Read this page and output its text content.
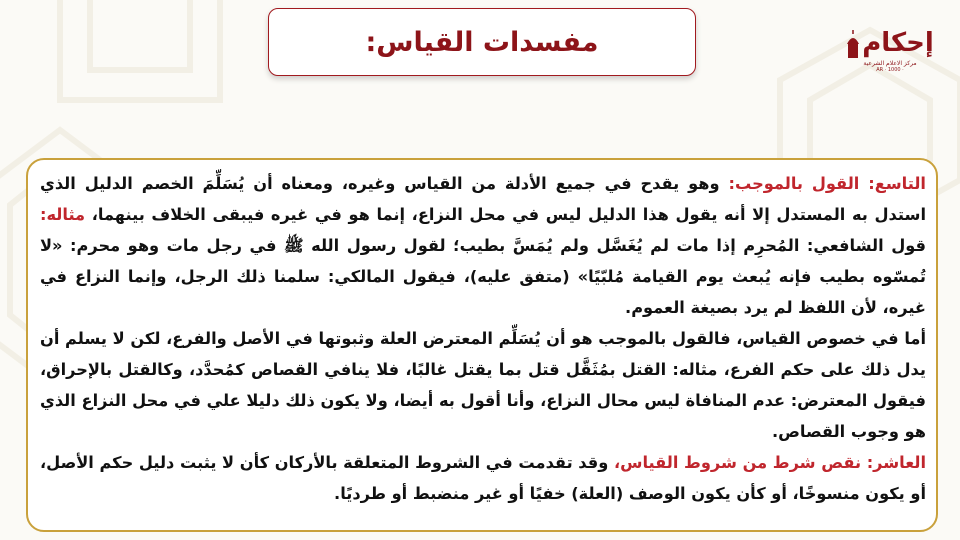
مفسدات القياس:	إحكام
مركز الاعلام الشرعية
AR · 1000 ·

التاسع: القول بالموجب: وهو يقدح في جميع الأدلة من القياس وغيره، ومعناه أن يُسَلِّمَ الخصم الدليل الذي استدل به المستدل إلا أنه يقول هذا الدليل ليس في محل النزاع، إنما هو في غيره فيبقى الخلاف بينهما، مثاله: قول الشافعي: المُحرِم إذا مات لم يُغَسَّل ولم يُمَسَّ بطيب؛ لقول رسول الله ﷺ في رجل مات وهو محرم: «لا تُمسّوه بطيب فإنه يُبعث يوم القيامة مُلبّيًا» (متفق عليه)، فيقول المالكي: سلمنا ذلك الرجل، وإنما النزاع في غيره، لأن اللفظ لم يرد بصيغة العموم.

أما في خصوص القياس، فالقول بالموجب هو أن يُسَلِّم المعترض العلة وثبوتها في الأصل والفرع، لكن لا يسلم أن يدل ذلك على حكم الفرع، مثاله: القتل بمُثَقَّل قتل بما يقتل غالبًا، فلا ينافي القصاص كمُحدَّد، وكالقتل بالإحراق، فيقول المعترض: عدم المنافاة ليس محال النزاع، وأنا أقول به أيضا، ولا يكون ذلك دليلا علي في محل النزاع الذي هو وجوب القصاص.

العاشر: نقص شرط من شروط القياس، وقد تقدمت في الشروط المتعلقة بالأركان كأن لا يثبت دليل حكم الأصل، أو يكون منسوخًا، أو كأن يكون الوصف (العلة) خفيًا أو غير منضبط أو طرديًا.
